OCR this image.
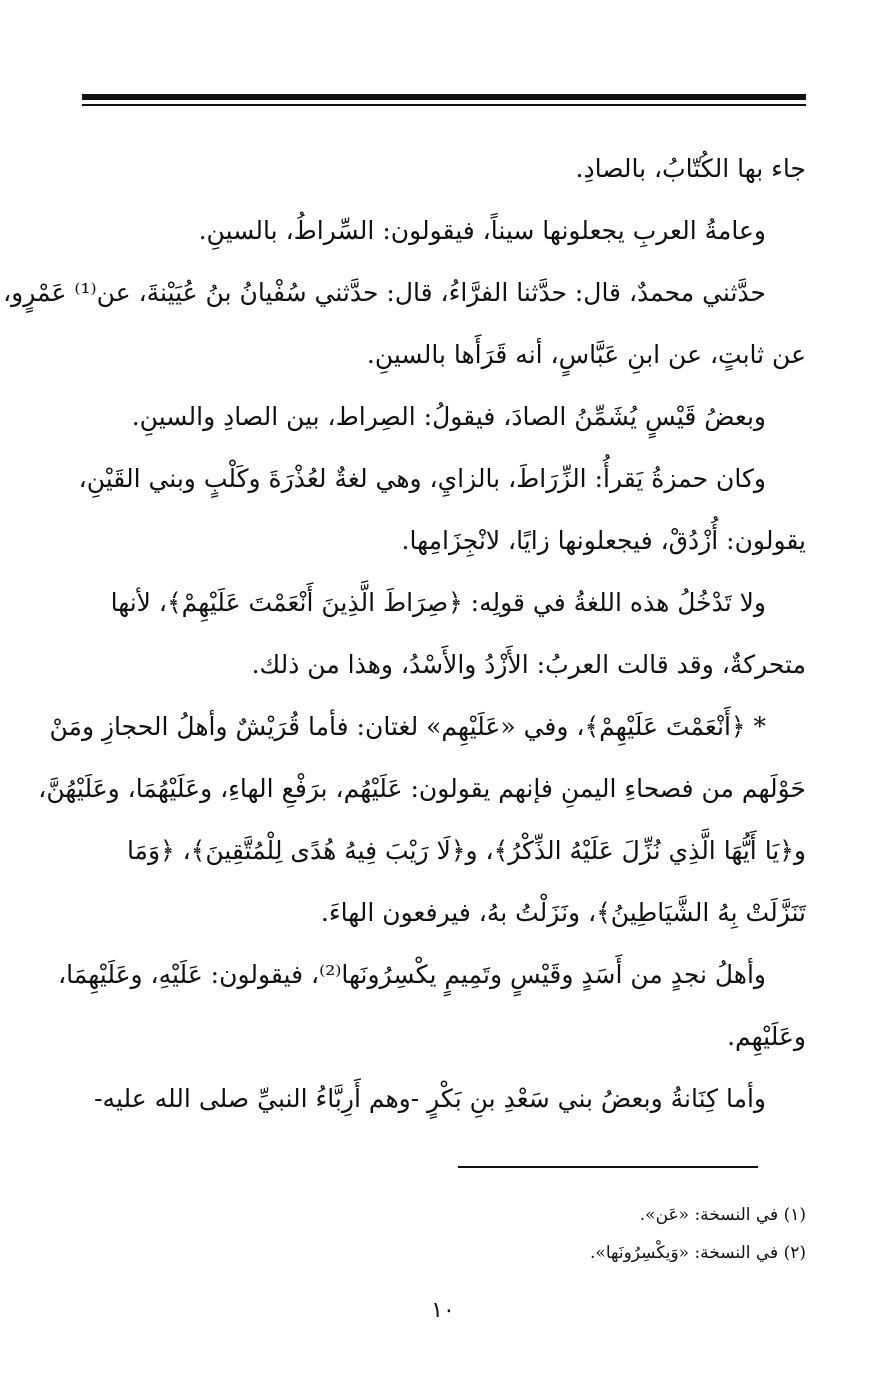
جاء بها الكُتّابُ، بالصادِ.
وعامةُ العربِ يجعلونها سيناً، فيقولون: السِّراطُ، بالسينِ.
حدَّثني محمدٌ، قال: حدَّثنا الفرَّاءُ، قال: حدَّثني سُفْيانُ بنُ عُيَيْنةَ، عن⁽¹⁾ عَمْرٍو،
عن ثابتٍ، عن ابنِ عَبَّاسٍ، أنه قَرَأَها بالسينِ.
وبعضُ قَيْسٍ يُشَمِّنُ الصادَ، فيقولُ: الصِراط، بين الصادِ والسينِ.
وكان حمزةُ يَقرأُ: الزِّرَاطَ، بالزايِ، وهي لغةٌ لعُذْرَةَ وكَلْبٍ وبني القَيْنِ،
يقولون: أُزْدُقْ، فيجعلونها زايًا، لانْجِزَامِها.
ولا تَدْخُلُ هذه اللغةُ في قولِه: ﴿صِرَاطَ الَّذِينَ أَنْعَمْتَ عَلَيْهِمْ﴾، لأنها
متحركةٌ، وقد قالت العربُ: الأَزْدُ والأَسْدُ، وهذا من ذلك.
* ﴿أَنْعَمْتَ عَلَيْهِمْ﴾، وفي «عَلَيْهِم» لغتان: فأما قُرَيْشٌ وأهلُ الحجازِ ومَنْ
حَوْلَهم من فصحاءِ اليمنِ فإنهم يقولون: عَلَيْهُم، برَفْعِ الهاءِ، وعَلَيْهُمَا، وعَلَيْهُنَّ،
و﴿يَا أَيُّهَا الَّذِي نُزِّلَ عَلَيْهُ الذِّكْرُ﴾، و﴿لَا رَيْبَ فِيهُ هُدًى لِلْمُتَّقِينَ﴾، ﴿وَمَا
تَنَزَّلَتْ بِهُ الشَّيَاطِينُ﴾، ونَزَلْتُ بهُ، فيرفعون الهاءَ.
وأهلُ نجدٍ من أَسَدٍ وقَيْسٍ وتَمِيمٍ يكْسِرُونَها⁽²⁾، فيقولون: عَلَيْهِ، وعَلَيْهِمَا،
وعَلَيْهِم.
وأما كِنَانةُ وبعضُ بني سَعْدِ بنِ بَكْرٍ -وهم أَرِبَّاءُ النبيِّ صلى الله عليه-
(١) في النسخة: «عَن».
(٢) في النسخة: «وَيكْسِرُونَها».
١٠
